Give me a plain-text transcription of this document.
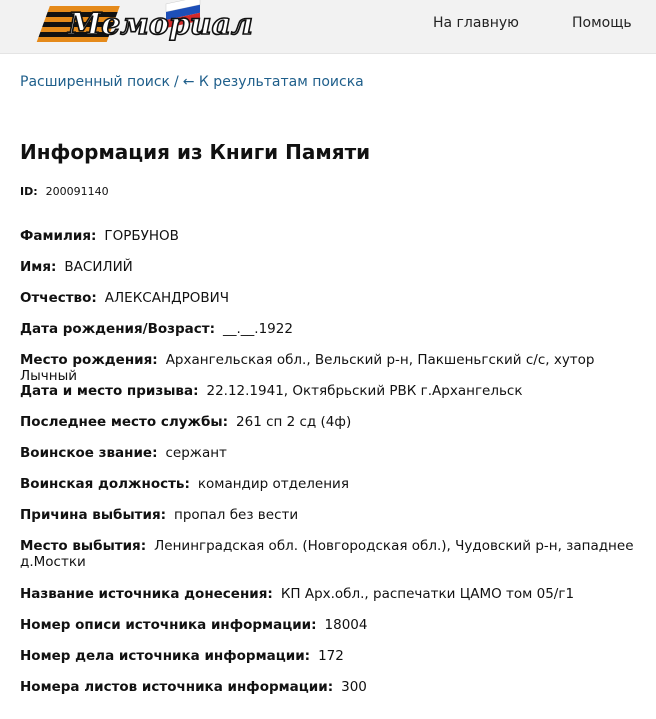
Мемориал	На главную	Помощь
Расширенный поиск / ← К результатам поиска
Информация из Книги Памяти
ID: 200091140
Фамилия: ГОРБУНОВ
Имя: ВАСИЛИЙ
Отчество: АЛЕКСАНДРОВИЧ
Дата рождения/Возраст: __.__.1922
Место рождения: Архангельская обл., Вельский р-н, Пакшеньгский с/с, хутор Лычный
Дата и место призыва: 22.12.1941, Октябрьский РВК г.Архангельск
Последнее место службы: 261 сп 2 сд (4ф)
Воинское звание: сержант
Воинская должность: командир отделения
Причина выбытия: пропал без вести
Место выбытия: Ленинградская обл. (Новгородская обл.), Чудовский р-н, западнее д.Мостки
Название источника донесения: КП Арх.обл., распечатки ЦАМО том 05/г1
Номер описи источника информации: 18004
Номер дела источника информации: 172
Номера листов источника информации: 300
